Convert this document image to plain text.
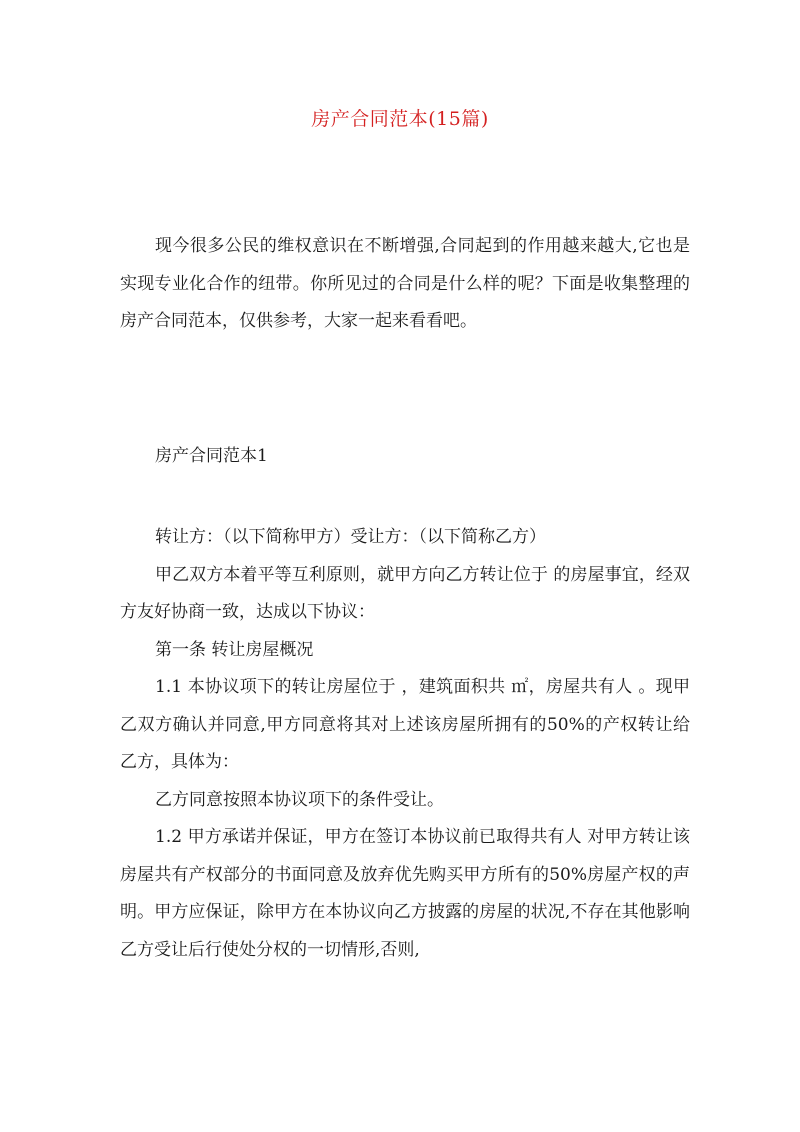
房产合同范本(15篇)

现今很多公民的维权意识在不断增强,合同起到的作用越来越大,它也是实现专业化合作的纽带。你所见过的合同是什么样的呢？下面是收集整理的房产合同范本，仅供参考，大家一起来看看吧。

房产合同范本1

转让方：（以下简称甲方）受让方：（以下简称乙方）

甲乙双方本着平等互利原则，就甲方向乙方转让位于 的房屋事宜，经双方友好协商一致，达成以下协议：

第一条 转让房屋概况

1.1 本协议项下的转让房屋位于 ，建筑面积共 ㎡，房屋共有人 。现甲乙双方确认并同意,甲方同意将其对上述该房屋所拥有的50%的产权转让给乙方，具体为：

乙方同意按照本协议项下的条件受让。

1.2 甲方承诺并保证，甲方在签订本协议前已取得共有人 对甲方转让该房屋共有产权部分的书面同意及放弃优先购买甲方所有的50%房屋产权的声明。甲方应保证，除甲方在本协议向乙方披露的房屋的状况,不存在其他影响乙方受让后行使处分权的一切情形,否则,
